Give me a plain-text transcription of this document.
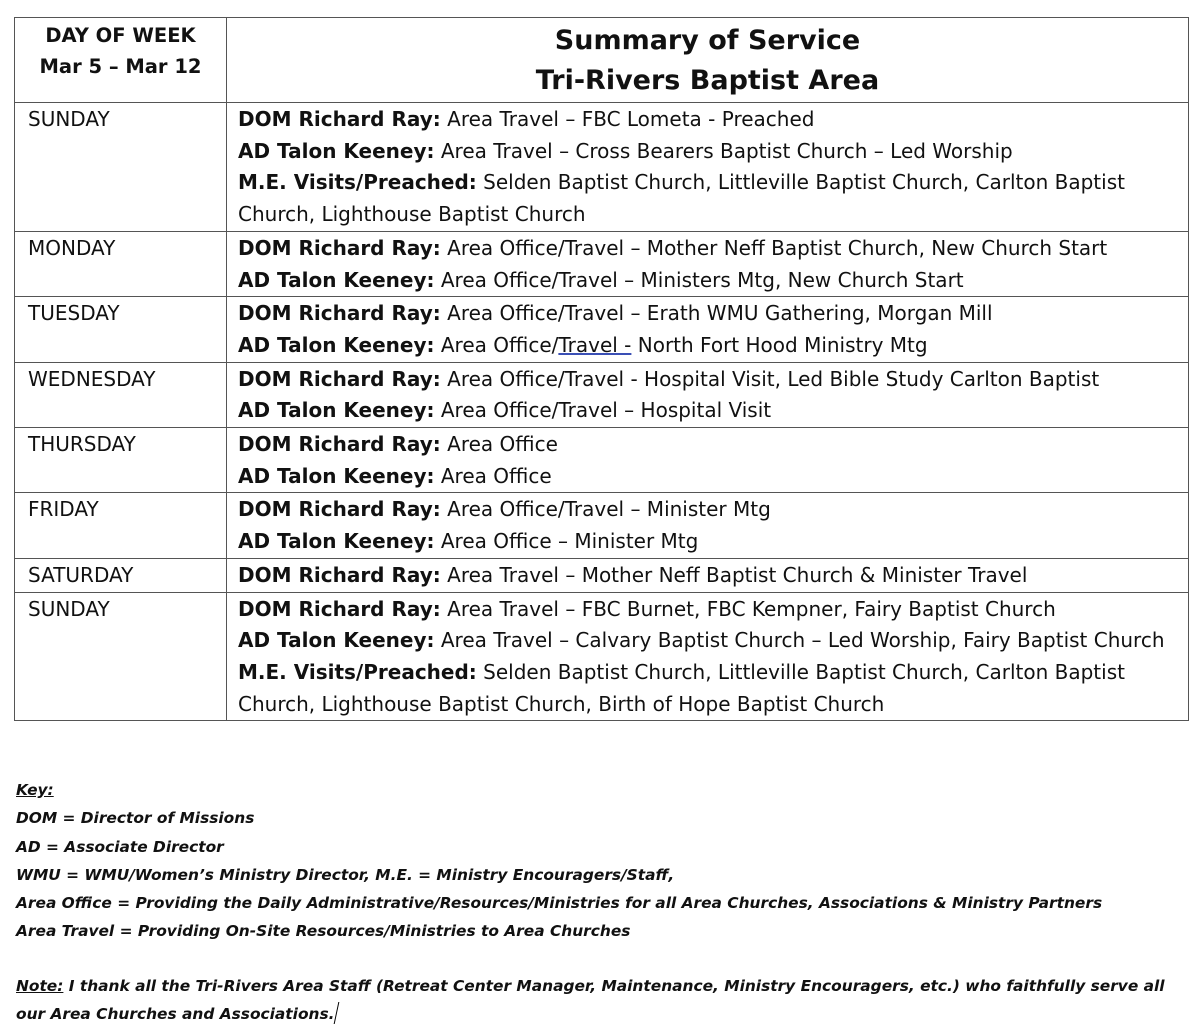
DAY OF WEEK
Mar 5 – Mar 12	Summary of Service
Tri-Rivers Baptist Area

SUNDAY	DOM Richard Ray: Area Travel – FBC Lometa - Preached
AD Talon Keeney: Area Travel – Cross Bearers Baptist Church – Led Worship
M.E. Visits/Preached: Selden Baptist Church, Littleville Baptist Church, Carlton Baptist Church, Lighthouse Baptist Church

MONDAY	DOM Richard Ray: Area Office/Travel – Mother Neff Baptist Church, New Church Start
AD Talon Keeney: Area Office/Travel – Ministers Mtg, New Church Start

TUESDAY	DOM Richard Ray: Area Office/Travel – Erath WMU Gathering, Morgan Mill
AD Talon Keeney: Area Office/Travel - North Fort Hood Ministry Mtg

WEDNESDAY	DOM Richard Ray: Area Office/Travel - Hospital Visit, Led Bible Study Carlton Baptist
AD Talon Keeney: Area Office/Travel – Hospital Visit

THURSDAY	DOM Richard Ray: Area Office
AD Talon Keeney: Area Office

FRIDAY	DOM Richard Ray: Area Office/Travel – Minister Mtg
AD Talon Keeney: Area Office – Minister Mtg

SATURDAY	DOM Richard Ray: Area Travel – Mother Neff Baptist Church & Minister Travel

SUNDAY	DOM Richard Ray: Area Travel – FBC Burnet, FBC Kempner, Fairy Baptist Church
AD Talon Keeney: Area Travel – Calvary Baptist Church – Led Worship, Fairy Baptist Church
M.E. Visits/Preached: Selden Baptist Church, Littleville Baptist Church, Carlton Baptist Church, Lighthouse Baptist Church, Birth of Hope Baptist Church
Key:
DOM = Director of Missions
AD = Associate Director
WMU = WMU/Women’s Ministry Director, M.E. = Ministry Encouragers/Staff,
Area Office = Providing the Daily Administrative/Resources/Ministries for all Area Churches, Associations & Ministry Partners
Area Travel = Providing On-Site Resources/Ministries to Area Churches
Note: I thank all the Tri-Rivers Area Staff (Retreat Center Manager, Maintenance, Ministry Encouragers, etc.) who faithfully serve all our Area Churches and Associations.
